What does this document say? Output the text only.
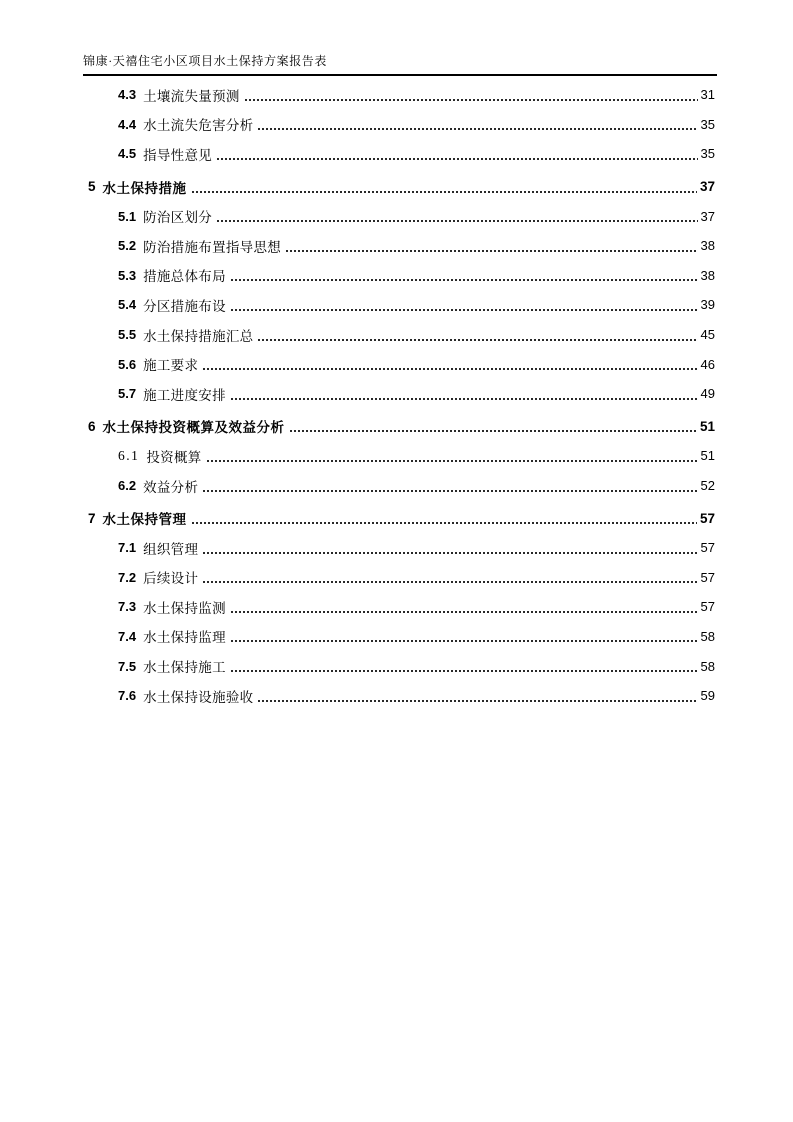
锦康·天禧住宅小区项目水土保持方案报告表
4.3 土壤流失量预测	31
4.4 水土流失危害分析	35
4.5 指导性意见	35
5 水土保持措施	37
5.1 防治区划分	37
5.2 防治措施布置指导思想	38
5.3 措施总体布局	38
5.4 分区措施布设	39
5.5 水土保持措施汇总	45
5.6 施工要求	46
5.7 施工进度安排	49
6 水土保持投资概算及效益分析	51
6.1 投资概算	51
6.2 效益分析	52
7 水土保持管理	57
7.1 组织管理	57
7.2 后续设计	57
7.3 水土保持监测	57
7.4 水土保持监理	58
7.5 水土保持施工	58
7.6 水土保持设施验收	59
